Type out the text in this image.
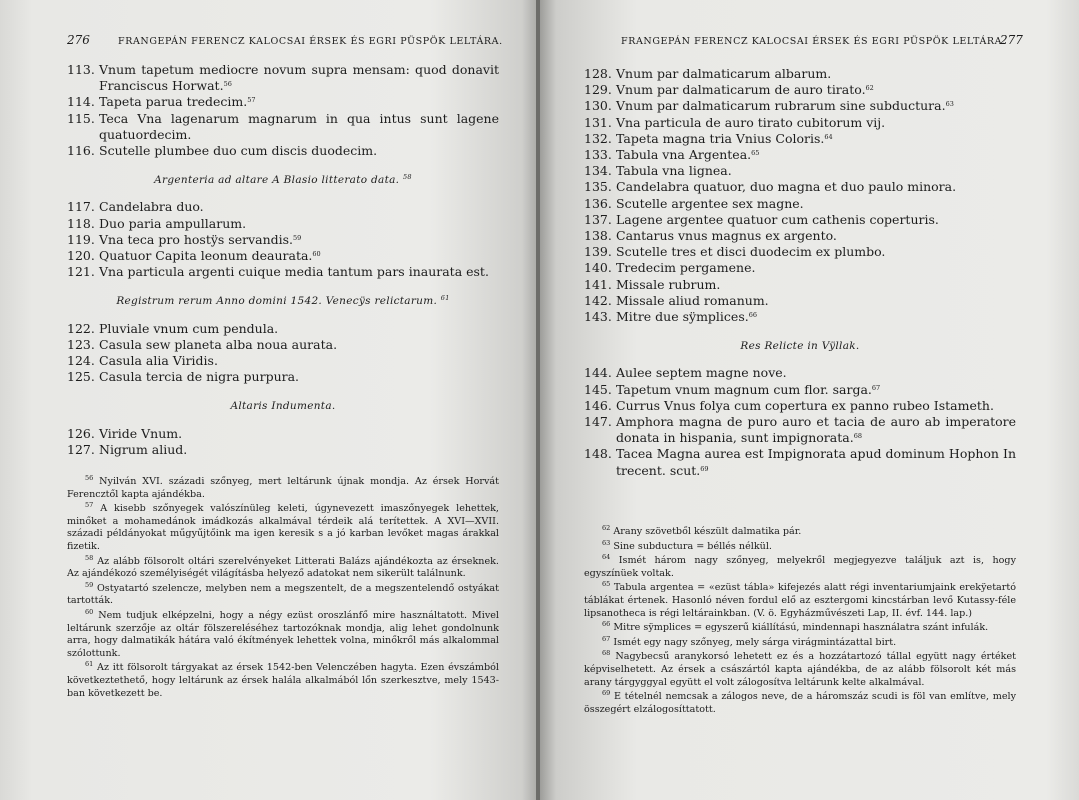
276	FRANGEPÁN FERENCZ KALOCSAI ÉRSEK ÉS EGRI PÜSPÖK LELTÁRA.
113. Vnum tapetum mediocre novum supra mensam: quod donavit Franciscus Horwat.$^{56}$
114. Tapeta parua tredecim.$^{57}$
115. Teca Vna lagenarum magnarum in qua intus sunt lagene quatuordecim.
116. Scutelle plumbee duo cum discis duodecim.
Argenteria ad altare A Blasio litterato data. $^{58}$
117. Candelabra duo.
118. Duo paria ampullarum.
119. Vna teca pro hostÿs servandis.$^{59}$
120. Quatuor Capita leonum deaurata.$^{60}$
121. Vna particula argenti cuique media tantum pars inaurata est.
Registrum rerum Anno domini 1542. Venecÿs relictarum. $^{61}$
122. Pluviale vnum cum pendula.
123. Casula sew planeta alba noua aurata.
124. Casula alia Viridis.
125. Casula tercia de nigra purpura.
Altaris Indumenta.
126. Viride Vnum.
127. Nigrum aliud.
$^{56}$ Nyilván XVI. századi szőnyeg, mert leltárunk újnak mondja. Az érsek Horvát Ferencztől kapta ajándékba.
$^{57}$ A kisebb szőnyegek valószínüleg keleti, úgynevezett imaszőnyegek lehettek, minőket a mohamedánok imádkozás alkalmával térdeik alá terítettek. A XVI—XVII. századi példányokat műgyűjtőink ma igen keresik s a jó karban levőket magas árakkal fizetik.
$^{58}$ Az alább fölsorolt oltári szerelvényeket Litterati Balázs ajándékozta az érseknek. Az ajándékozó személyiségét világításba helyező adatokat nem sikerült találnunk.
$^{59}$ Ostyatartó szelencze, melyben nem a megszentelt, de a megszentelendő ostyákat tartották.
$^{60}$ Nem tudjuk elképzelni, hogy a négy ezüst oroszlánfő mire használtatott. Mivel leltárunk szerzője az oltár fölszereléséhez tartozóknak mondja, alig lehet gondolnunk arra, hogy dalmatikák hátára való ékítmények lehettek volna, minőkről más alkalommal szólottunk.
$^{61}$ Az itt fölsorolt tárgyakat az érsek 1542-ben Velenczében hagyta. Ezen évszámból következtethető, hogy leltárunk az érsek halála alkalmából lőn szerkesztve, mely 1543-ban következett be.
FRANGEPÁN FERENCZ KALOCSAI ÉRSEK ÉS EGRI PÜSPÖK LELTÁRA.
277
128. Vnum par dalmaticarum albarum.
129. Vnum par dalmaticarum de auro tirato.$^{62}$
130. Vnum par dalmaticarum rubrarum sine subductura.$^{63}$
131. Vna particula de auro tirato cubitorum vij.
132. Tapeta magna tria Vnius Coloris.$^{64}$
133. Tabula vna Argentea.$^{65}$
134. Tabula vna lignea.
135. Candelabra quatuor, duo magna et duo paulo minora.
136. Scutelle argentee sex magne.
137. Lagene argentee quatuor cum cathenis coperturis.
138. Cantarus vnus magnus ex argento.
139. Scutelle tres et disci duodecim ex plumbo.
140. Tredecim pergamene.
141. Missale rubrum.
142. Missale aliud romanum.
143. Mitre due sÿmplices.$^{66}$
Res Relicte in Vÿllak.
144. Aulee septem magne nove.
145. Tapetum vnum magnum cum flor. sarga.$^{67}$
146. Currus Vnus folya cum copertura ex panno rubeo Istameth.
147. Amphora magna de puro auro et tacia de auro ab imperatore donata in hispania, sunt impignorata.$^{68}$
148. Tacea Magna aurea est Impignorata apud dominum Hophon In trecent. scut.$^{69}$
$^{62}$ Arany szövetből készült dalmatika pár.
$^{63}$ Sine subductura = béllés nélkül.
$^{64}$ Ismét három nagy szőnyeg, melyekről megjegyezve találjuk azt is, hogy egyszínüek voltak.
$^{65}$ Tabula argentea = «ezüst tábla» kifejezés alatt régi inventariumjaink erekÿetartó táblákat értenek. Hasonló néven fordul elő az esztergomi kincstárban levő Kutassy-féle lipsanotheca is régi leltárainkban. (V. ö. Egyházművészeti Lap, II. évf. 144. lap.)
$^{66}$ Mitre sÿmplices = egyszerű kiállítású, mindennapi használatra szánt infulák.
$^{67}$ Ismét egy nagy szőnyeg, mely sárga virágmintázattal birt.
$^{68}$ Nagybecsű aranykorsó lehetett ez és a hozzátartozó tállal együtt nagy értéket képviselhetett. Az érsek a császártól kapta ajándékba, de az alább fölsorolt két más arany tárgyggyal együtt el volt zálogosítva leltárunk kelte alkalmával.
$^{69}$ E tételnél nemcsak a zálogos neve, de a háromszáz scudi is föl van említve, mely összegért elzálogosíttatott.
